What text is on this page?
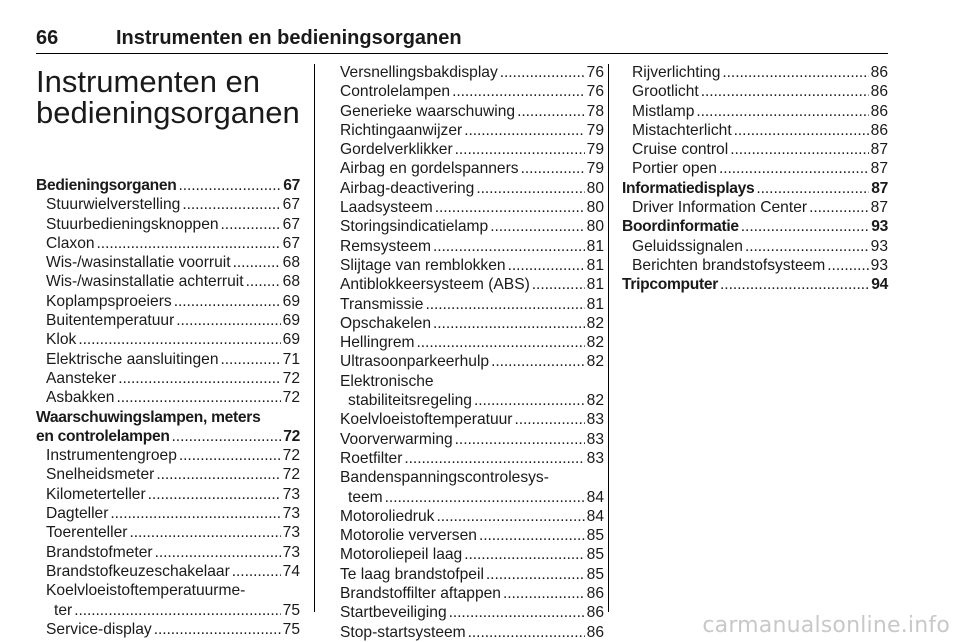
66	Instrumenten en bedieningsorganen
Instrumenten en
bedieningsorganen
Bedieningsorganen . . .	67
Stuurwielverstelling . . .	67
Stuurbedieningsknoppen . . .	67
Claxon . . .	67
Wis-/wasinstallatie voorruit . . .	68
Wis-/wasinstallatie achterruit . . .	68
Koplampsproeiers . . .	69
Buitentemperatuur . . .	69
Klok . . .	69
Elektrische aansluitingen . . .	71
Aansteker . . .	72
Asbakken . . .	72
Waarschuwingslampen, meters
en controlelampen . . .	72
Instrumentengroep . . .	72
Snelheidsmeter . . .	72
Kilometerteller . . .	73
Dagteller . . .	73
Toerenteller . . .	73
Brandstofmeter . . .	73
Brandstofkeuzeschakelaar . . .	74
Koelvloeistoftemperatuurme-
ter . . .	75
Service-display . . .	75
Versnellingsbakdisplay . . .	76
Controlelampen . . .	76
Generieke waarschuwing . . .	78
Richtingaanwijzer . . .	79
Gordelverklikker . . .	79
Airbag en gordelspanners . . .	79
Airbag-deactivering . . .	80
Laadsysteem . . .	80
Storingsindicatielamp . . .	80
Remsysteem . . .	81
Slijtage van remblokken . . .	81
Antiblokkeersysteem (ABS) . . .	81
Transmissie . . .	81
Opschakelen . . .	82
Hellingrem . . .	82
Ultrasoonparkeerhulp . . .	82
Elektronische
stabiliteitsregeling . . .	82
Koelvloeistoftemperatuur . . .	83
Voorverwarming . . .	83
Roetfilter . . .	83
Bandenspanningscontrolesys-
teem . . .	84
Motoroliedruk . . .	84
Motorolie verversen . . .	85
Motoroliepeil laag . . .	85
Te laag brandstofpeil . . .	85
Brandstoffilter aftappen . . .	86
Startbeveiliging . . .	86
Stop-startsysteem . . .	86
Rijverlichting . . .	86
Grootlicht . . .	86
Mistlamp . . .	86
Mistachterlicht . . .	86
Cruise control . . .	87
Portier open . . .	87
Informatiedisplays . . .	87
Driver Information Center . . .	87
Boordinformatie . . .	93
Geluidssignalen . . .	93
Berichten brandstofsysteem . . .	93
Tripcomputer . . .	94
carmanualsonline.info
